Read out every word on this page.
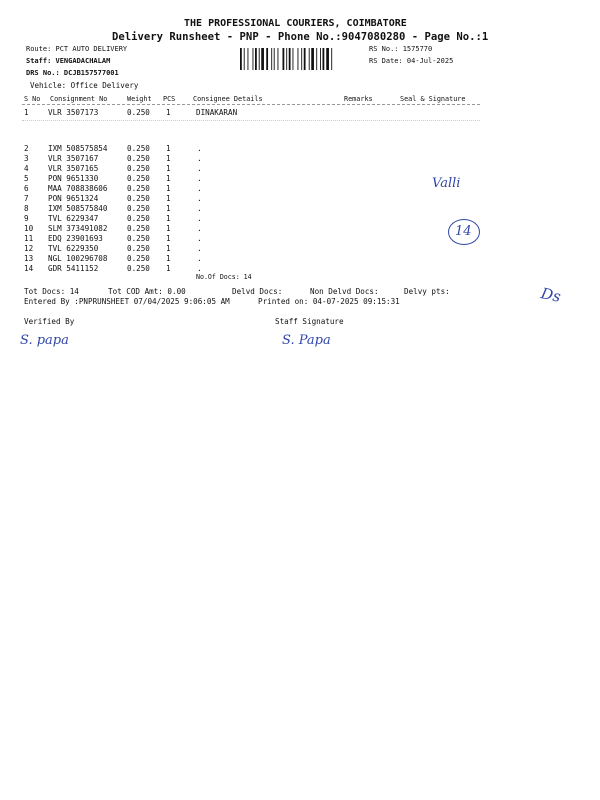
THE PROFESSIONAL COURIERS, COIMBATORE
Delivery Runsheet - PNP - Phone No.:9047080280 - Page No.:1
Route: PCT AUTO DELIVERY
Staff: VENGADACHALAM
DRS No.: DCJB157577001
Vehicle: Office Delivery
RS No.: 1575770
RS Date: 04-Jul-2025
S No Consignment No	Weight PCS	Consignee Details	Remarks	Seal & Signature
1	VLR 3507173	0.250 1	DINAKARAN
2	IXM 508575854	0.250 1	.
3	VLR 3507167	0.250 1	.
4	VLR 3507165	0.250 1	.
5	PON 9651330	0.250 1	.
6	MAA 708838606	0.250 1	.
7	PON 9651324	0.250 1	.
8	IXM 508575840	0.250 1	.
9	TVL 6229347	0.250 1	.
10 SLM 373491082	0.250 1	.
11 EDQ 23901693	0.250 1	.
12 TVL 6229350	0.250 1	.
13 NGL 100296708	0.250 1	.
14 GDR 5411152	0.250 1	.
No.Of Docs: 14
Valli
14
Tot Docs: 14	Tot COD Amt: 0.00	Delvd Docs:	Non Delvd Docs:	Delvy pts:	Ds
Entered By :PNPRUNSHEET 07/04/2025 9:06:05 AM	Printed on: 04-07-2025 09:15:31
Verified By	Staff Signature
S. papa	S. Papa
